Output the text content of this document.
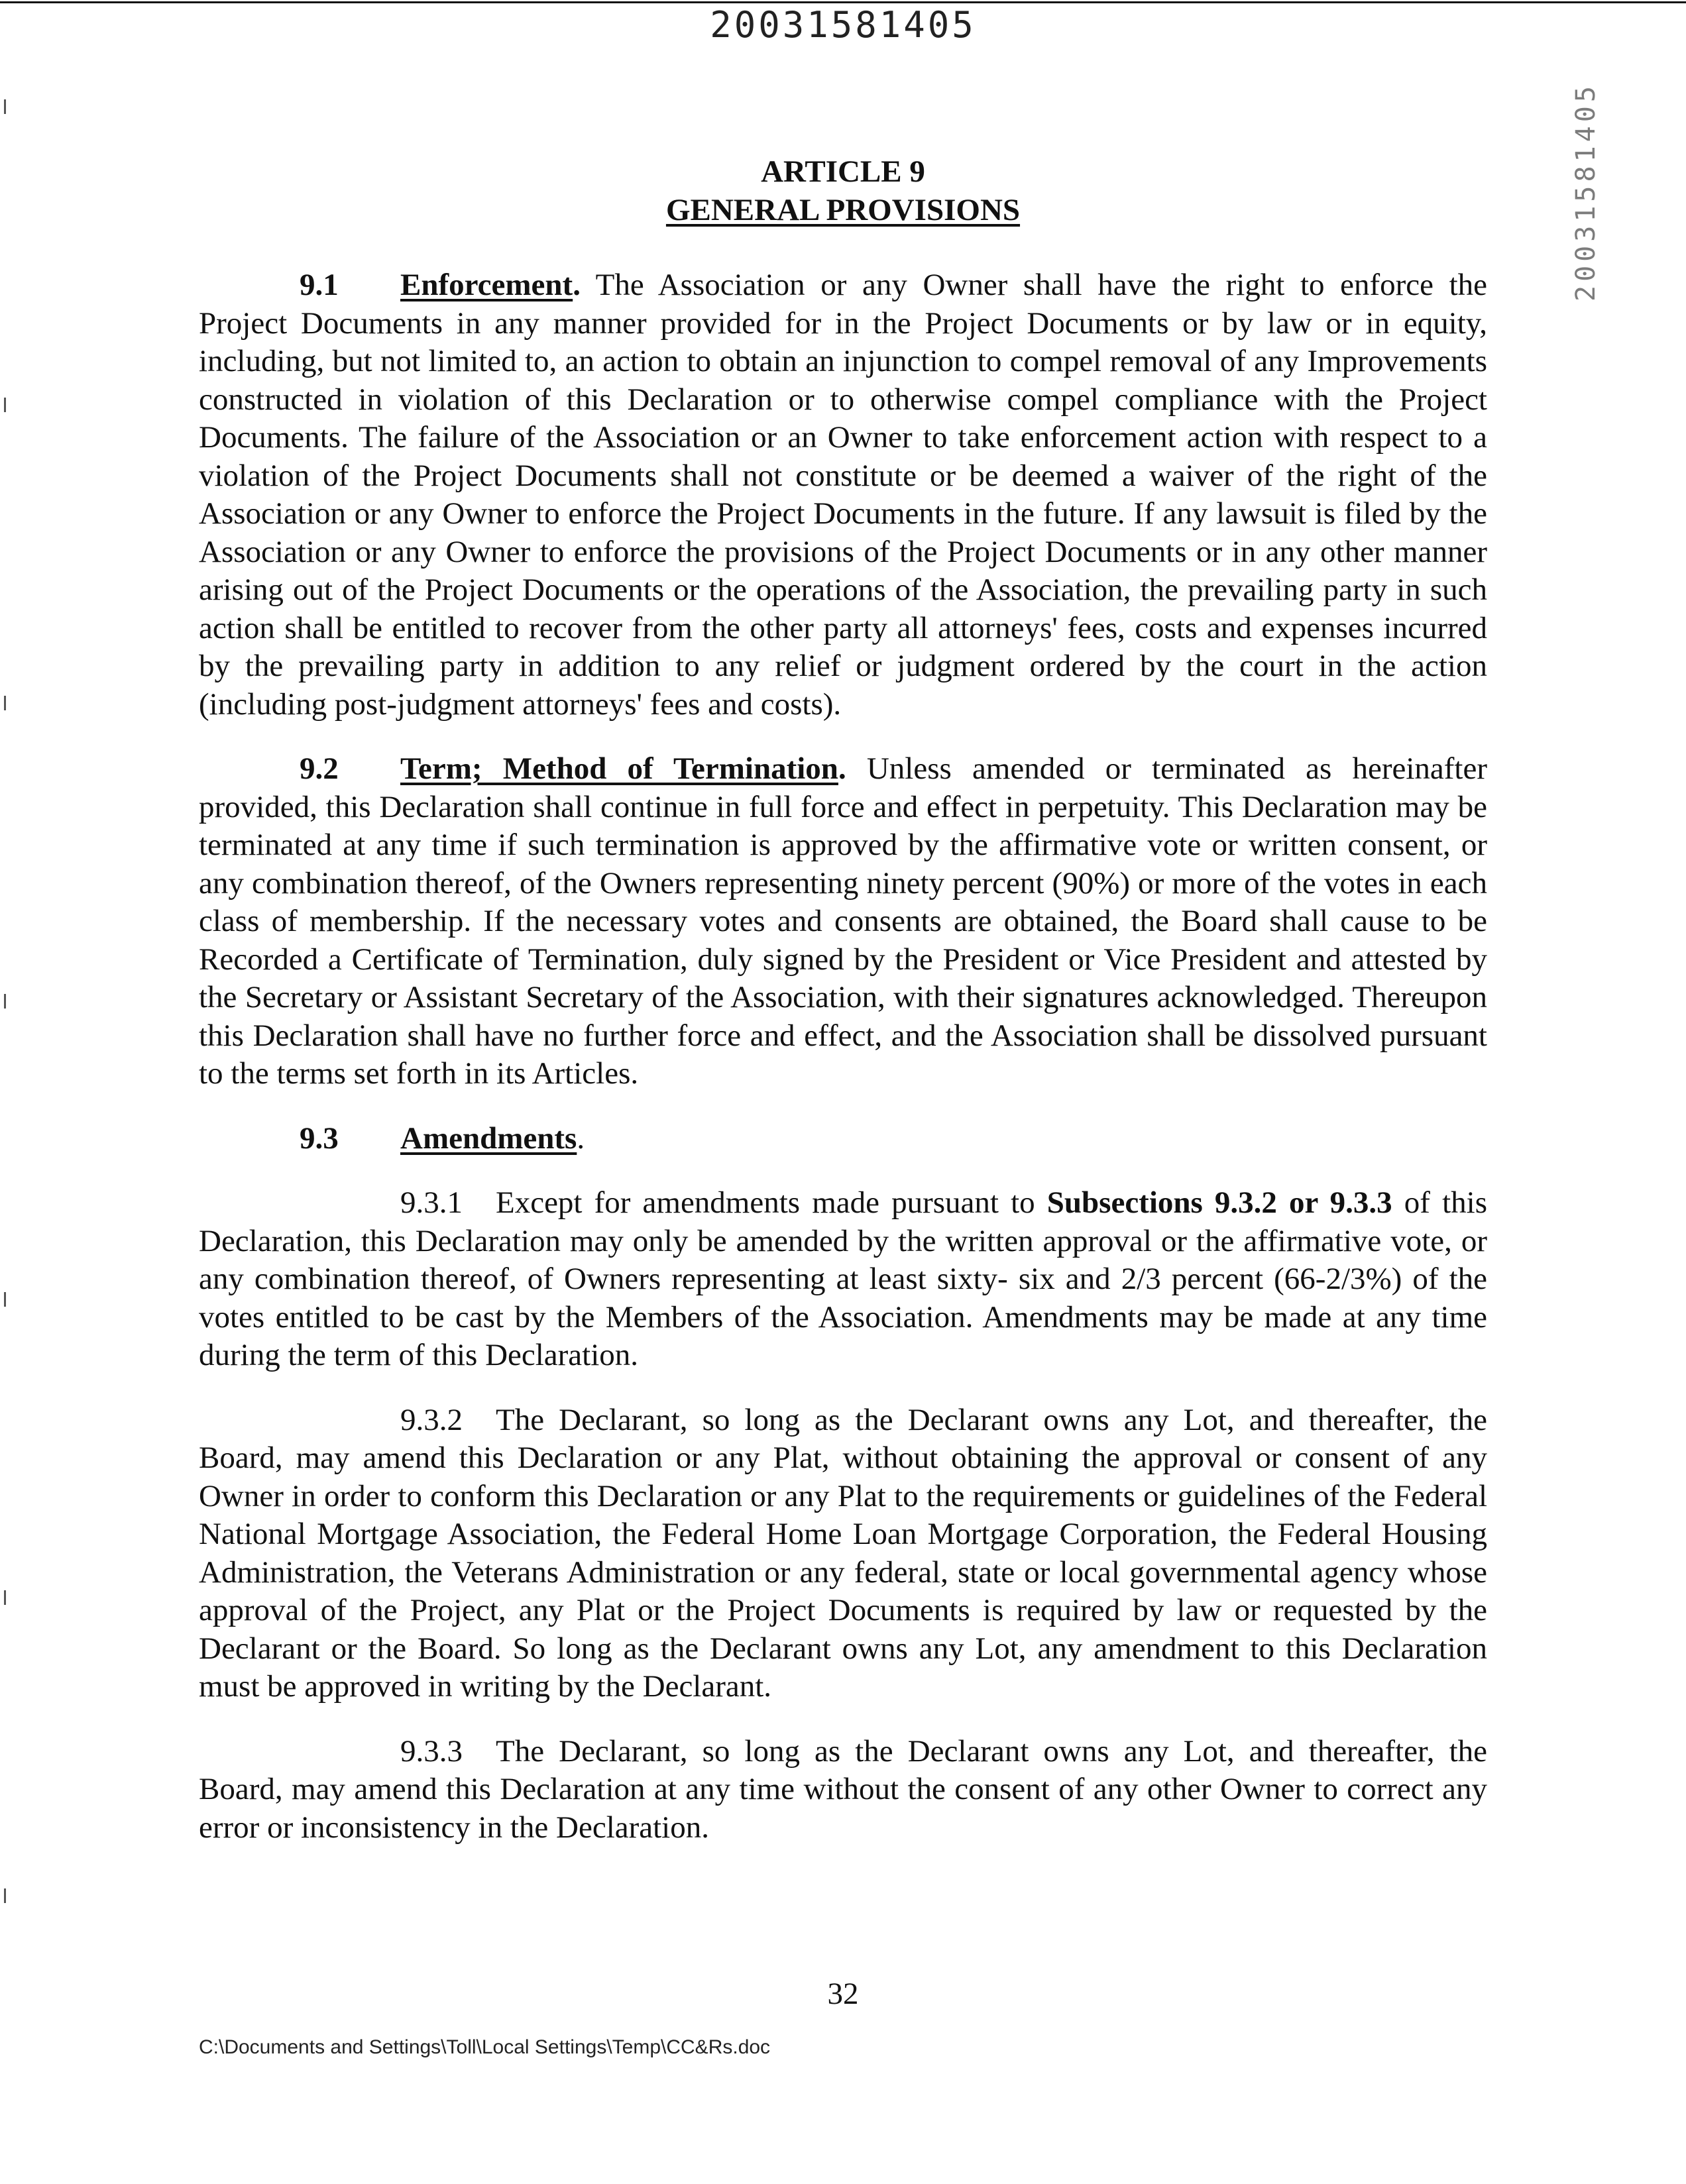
20031581405
20031581405
ARTICLE 9
GENERAL PROVISIONS

9.1 Enforcement. The Association or any Owner shall have the right to enforce the Project Documents in any manner provided for in the Project Documents or by law or in equity, including, but not limited to, an action to obtain an injunction to compel removal of any Improvements constructed in violation of this Declaration or to otherwise compel compliance with the Project Documents. The failure of the Association or an Owner to take enforcement action with respect to a violation of the Project Documents shall not constitute or be deemed a waiver of the right of the Association or any Owner to enforce the Project Documents in the future. If any lawsuit is filed by the Association or any Owner to enforce the provisions of the Project Documents or in any other manner arising out of the Project Documents or the operations of the Association, the prevailing party in such action shall be entitled to recover from the other party all attorneys' fees, costs and expenses incurred by the prevailing party in addition to any relief or judgment ordered by the court in the action (including post-judgment attorneys' fees and costs).

9.2 Term; Method of Termination. Unless amended or terminated as hereinafter provided, this Declaration shall continue in full force and effect in perpetuity. This Declaration may be terminated at any time if such termination is approved by the affirmative vote or written consent, or any combination thereof, of the Owners representing ninety percent (90%) or more of the votes in each class of membership. If the necessary votes and consents are obtained, the Board shall cause to be Recorded a Certificate of Termination, duly signed by the President or Vice President and attested by the Secretary or Assistant Secretary of the Association, with their signatures acknowledged. Thereupon this Declaration shall have no further force and effect, and the Association shall be dissolved pursuant to the terms set forth in its Articles.

9.3 Amendments.

9.3.1 Except for amendments made pursuant to Subsections 9.3.2 or 9.3.3 of this Declaration, this Declaration may only be amended by the written approval or the affirmative vote, or any combination thereof, of Owners representing at least sixty- six and 2/3 percent (66-2/3%) of the votes entitled to be cast by the Members of the Association. Amendments may be made at any time during the term of this Declaration.

9.3.2 The Declarant, so long as the Declarant owns any Lot, and thereafter, the Board, may amend this Declaration or any Plat, without obtaining the approval or consent of any Owner in order to conform this Declaration or any Plat to the requirements or guidelines of the Federal National Mortgage Association, the Federal Home Loan Mortgage Corporation, the Federal Housing Administration, the Veterans Administration or any federal, state or local governmental agency whose approval of the Project, any Plat or the Project Documents is required by law or requested by the Declarant or the Board. So long as the Declarant owns any Lot, any amendment to this Declaration must be approved in writing by the Declarant.

9.3.3 The Declarant, so long as the Declarant owns any Lot, and thereafter, the Board, may amend this Declaration at any time without the consent of any other Owner to correct any error or inconsistency in the Declaration.

32
C:\Documents and Settings\Toll\Local Settings\Temp\CC&Rs.doc
